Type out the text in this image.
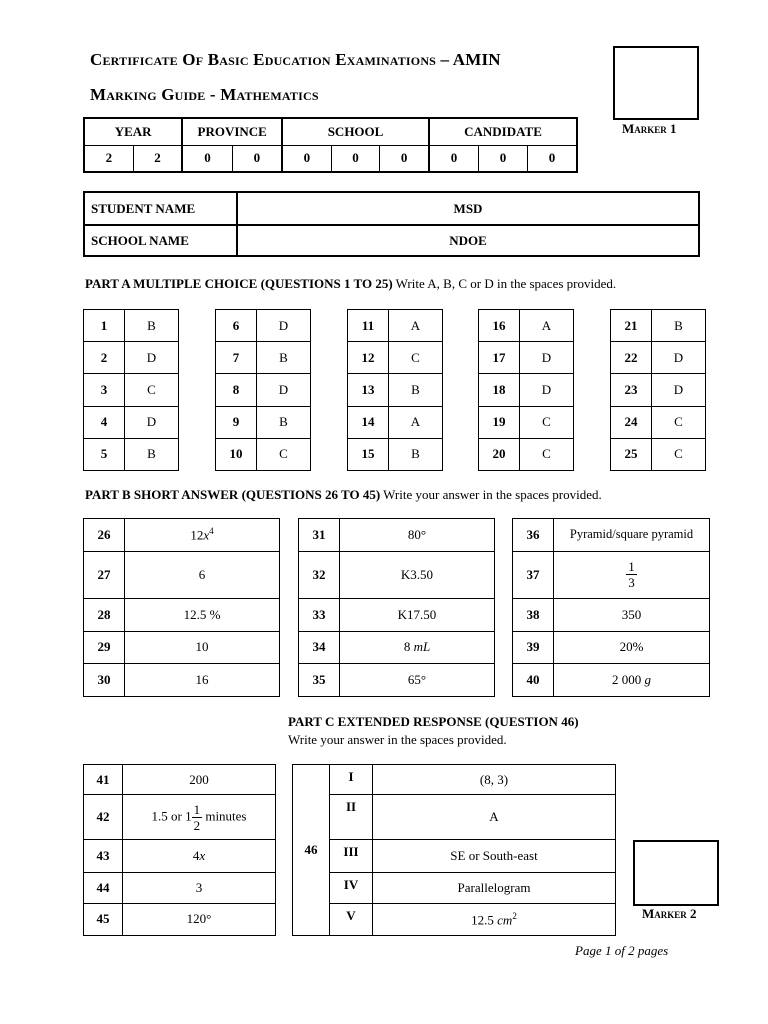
Certificate Of Basic Education Examinations – AMIN
Marking Guide - Mathematics
Marker 1
YEAR		PROVINCE		SCHOOL			CANDIDATE		
2	2	0	0	0	0	0	0	0	0
STUDENT NAME	MSD
SCHOOL NAME	NDOE
PART A MULTIPLE CHOICE (QUESTIONS 1 TO 25) Write A, B, C or D in the spaces provided.
1	B
2	D
3	C
4	D
5	B
6	D
7	B
8	D
9	B
10	C
11	A
12	C
13	B
14	A
15	B
16	A
17	D
18	D
19	C
20	C
21	B
22	D
23	D
24	C
25	C
PART B SHORT ANSWER (QUESTIONS 26 TO 45) Write your answer in the spaces provided.
26	$12x^4$
27	6
28	12.5 %
29	10
30	16
31	80°
32	K3.50
33	K17.50
34	8 mL
35	65°
36	Pyramid/square pyramid
37	$\frac{1}{3}$

38	350
39	20%
40	2 000 g
PART C EXTENDED RESPONSE (QUESTION 46)
Write your answer in the spaces provided.
41	200
42	1.5 or $1 \frac{1}{2}$ minutes
43	4x
44	3
45	120°
46	I	(8, 3)
	II	A
	III	SE or South-east
	IV	Parallelogram
	V	12.5 $cm^2$	Marker 2
Page 1 of 2 pages
